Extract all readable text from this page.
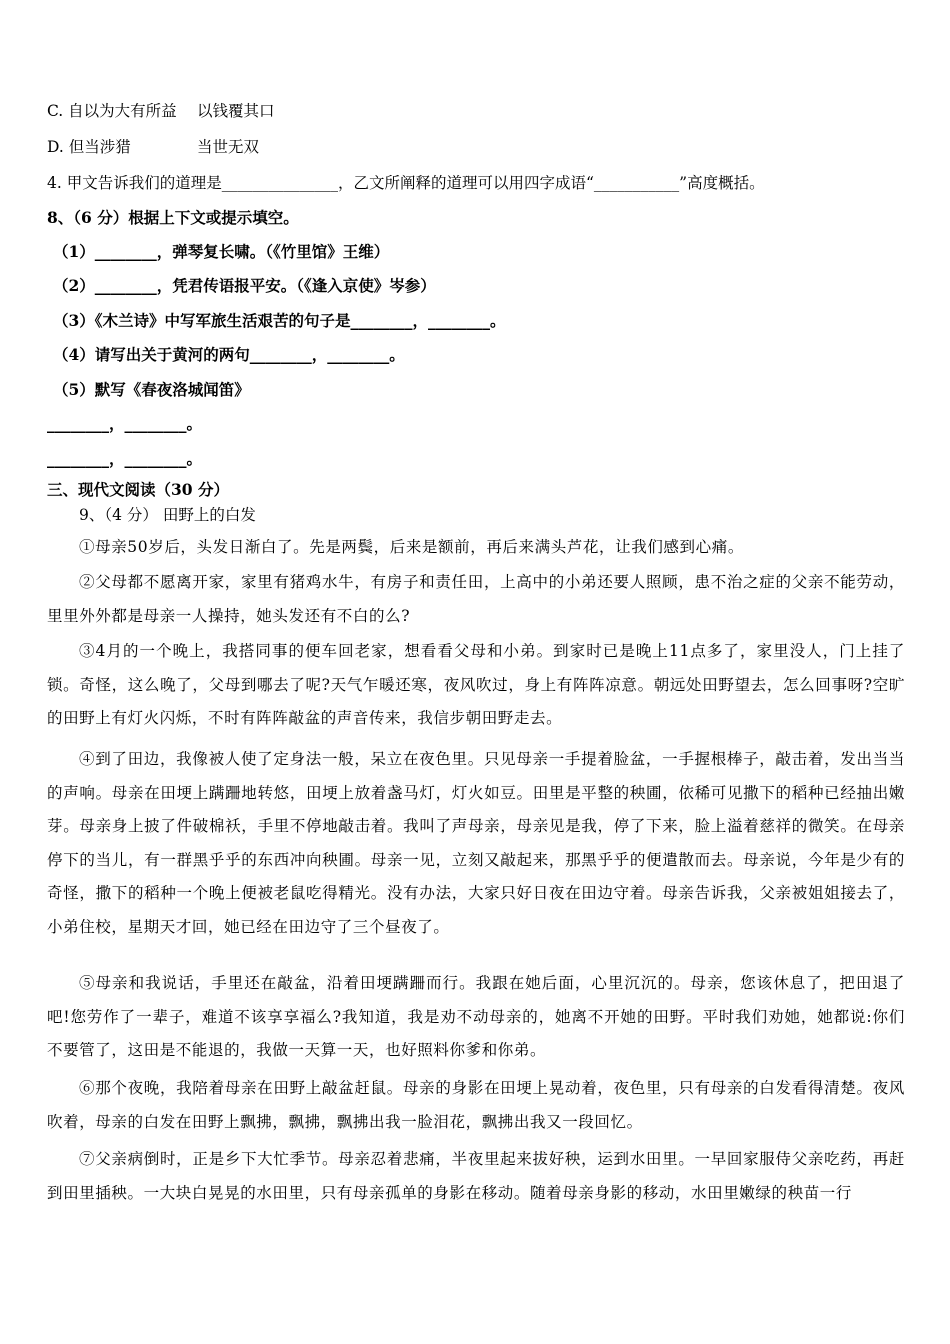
C. 自以为大有所益 以钱覆其口
D. 但当涉猎	当世无双
4. 甲文告诉我们的道理是_______________，乙文所阐释的道理可以用四字成语“___________”高度概括。
8、（6 分）根据上下文或提示填空。
（1）________，弹琴复长啸。（《竹里馆》王维）
（2）________，凭君传语报平安。（《逢入京使》岑参）
（3）《木兰诗》中写军旅生活艰苦的句子是________，________。
（4）请写出关于黄河的两句________，________。
（5）默写《春夜洛城闻笛》
________，________。
________，________。
三、现代文阅读（30 分）
9、（4 分） 田野上的白发
①母亲50岁后，头发日渐白了。先是两鬓，后来是额前，再后来满头芦花，让我们感到心痛。
②父母都不愿离开家，家里有猪鸡水牛，有房子和责任田，上高中的小弟还要人照顾，患不治之症的父亲不能劳动，里里外外都是母亲一人操持，她头发还有不白的么?
③4月的一个晚上，我搭同事的便车回老家，想看看父母和小弟。到家时已是晚上11点多了，家里没人，门上挂了锁。奇怪，这么晚了，父母到哪去了呢?天气乍暖还寒，夜风吹过，身上有阵阵凉意。朝远处田野望去，怎么回事呀?空旷的田野上有灯火闪烁，不时有阵阵敲盆的声音传来，我信步朝田野走去。
④到了田边，我像被人使了定身法一般，呆立在夜色里。只见母亲一手提着脸盆，一手握根棒子，敲击着，发出当当的声响。母亲在田埂上蹒跚地转悠，田埂上放着盏马灯，灯火如豆。田里是平整的秧圃，依稀可见撒下的稻种已经抽出嫩芽。母亲身上披了件破棉袄，手里不停地敲击着。我叫了声母亲，母亲见是我，停了下来，脸上溢着慈祥的微笑。在母亲停下的当儿，有一群黑乎乎的东西冲向秧圃。母亲一见，立刻又敲起来，那黑乎乎的便遣散而去。母亲说，今年是少有的奇怪，撒下的稻种一个晚上便被老鼠吃得精光。没有办法，大家只好日夜在田边守着。母亲告诉我，父亲被姐姐接去了，小弟住校，星期天才回，她已经在田边守了三个昼夜了。
⑤母亲和我说话，手里还在敲盆，沿着田埂蹒跚而行。我跟在她后面，心里沉沉的。母亲，您该休息了，把田退了吧!您劳作了一辈子，难道不该享享福么?我知道，我是劝不动母亲的，她离不开她的田野。平时我们劝她，她都说:你们不要管了，这田是不能退的，我做一天算一天，也好照料你爹和你弟。
⑥那个夜晚，我陪着母亲在田野上敲盆赶鼠。母亲的身影在田埂上晃动着，夜色里，只有母亲的白发看得清楚。夜风吹着，母亲的白发在田野上飘拂，飘拂，飘拂出我一脸泪花，飘拂出我又一段回忆。
⑦父亲病倒时，正是乡下大忙季节。母亲忍着悲痛，半夜里起来拔好秧，运到水田里。一早回家服侍父亲吃药，再赶到田里插秧。一大块白晃晃的水田里，只有母亲孤单的身影在移动。随着母亲身影的移动，水田里嫩绿的秧苗一行
